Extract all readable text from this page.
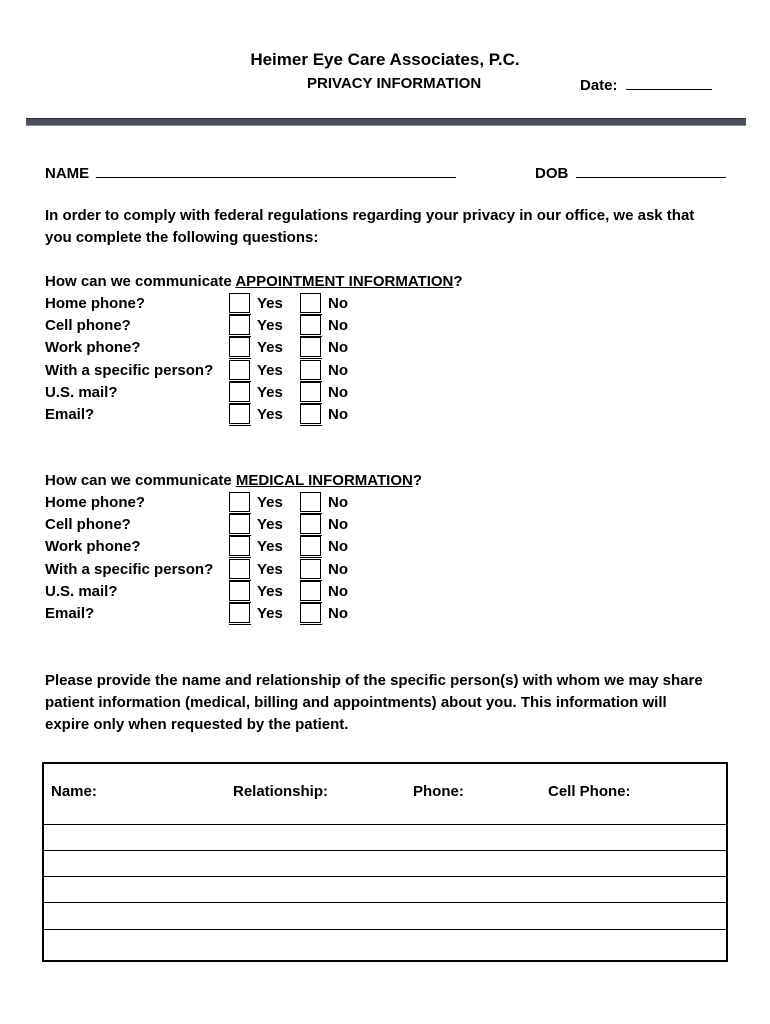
Heimer Eye Care Associates, P.C.
PRIVACY INFORMATION	Date:
NAME	DOB
In order to comply with federal regulations regarding your privacy in our office, we ask that
you complete the following questions:
How can we communicate APPOINTMENT INFORMATION?
Home phone?	Yes	No
Cell phone?	Yes	No
Work phone?	Yes	No
With a specific person?	Yes	No
U.S. mail?	Yes	No
Email?	Yes	No
How can we communicate MEDICAL INFORMATION?
Home phone?	Yes	No
Cell phone?	Yes	No
Work phone?	Yes	No
With a specific person?	Yes	No
U.S. mail?	Yes	No
Email?	Yes	No
Please provide the name and relationship of the specific person(s) with whom we may share
patient information (medical, billing and appointments) about you. This information will
expire only when requested by the patient.
Name:	Relationship:	Phone:	Cell Phone:
